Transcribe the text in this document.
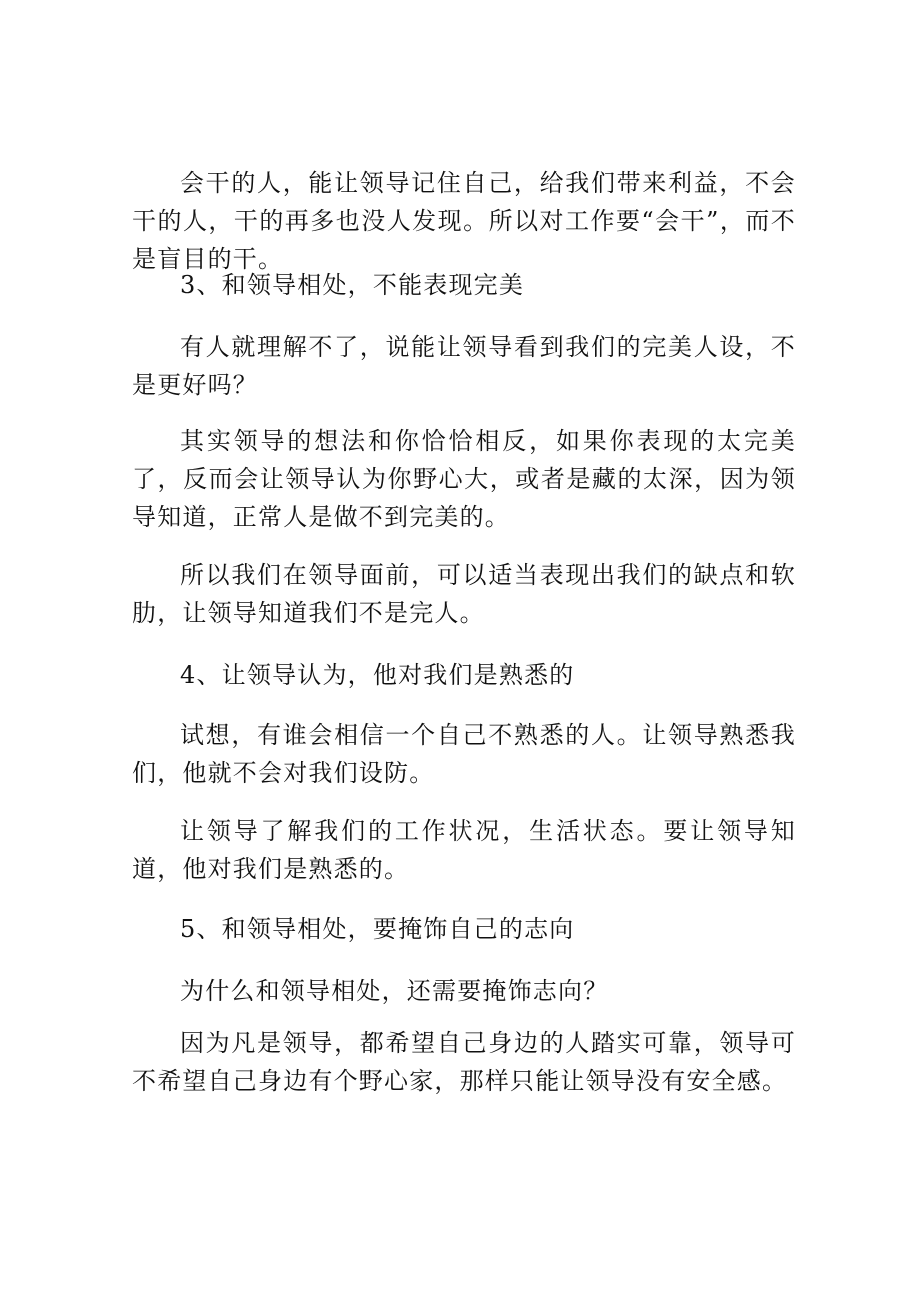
会干的人，能让领导记住自己，给我们带来利益，不会干的人，干的再多也没人发现。所以对工作要“会干”，而不是盲目的干。

3、和领导相处，不能表现完美

有人就理解不了，说能让领导看到我们的完美人设，不是更好吗？

其实领导的想法和你恰恰相反，如果你表现的太完美了，反而会让领导认为你野心大，或者是藏的太深，因为领导知道，正常人是做不到完美的。

所以我们在领导面前，可以适当表现出我们的缺点和软肋，让领导知道我们不是完人。

4、让领导认为，他对我们是熟悉的

试想，有谁会相信一个自己不熟悉的人。让领导熟悉我们，他就不会对我们设防。

让领导了解我们的工作状况，生活状态。要让领导知道，他对我们是熟悉的。

5、和领导相处，要掩饰自己的志向

为什么和领导相处，还需要掩饰志向？

因为凡是领导，都希望自己身边的人踏实可靠，领导可不希望自己身边有个野心家，那样只能让领导没有安全感。
